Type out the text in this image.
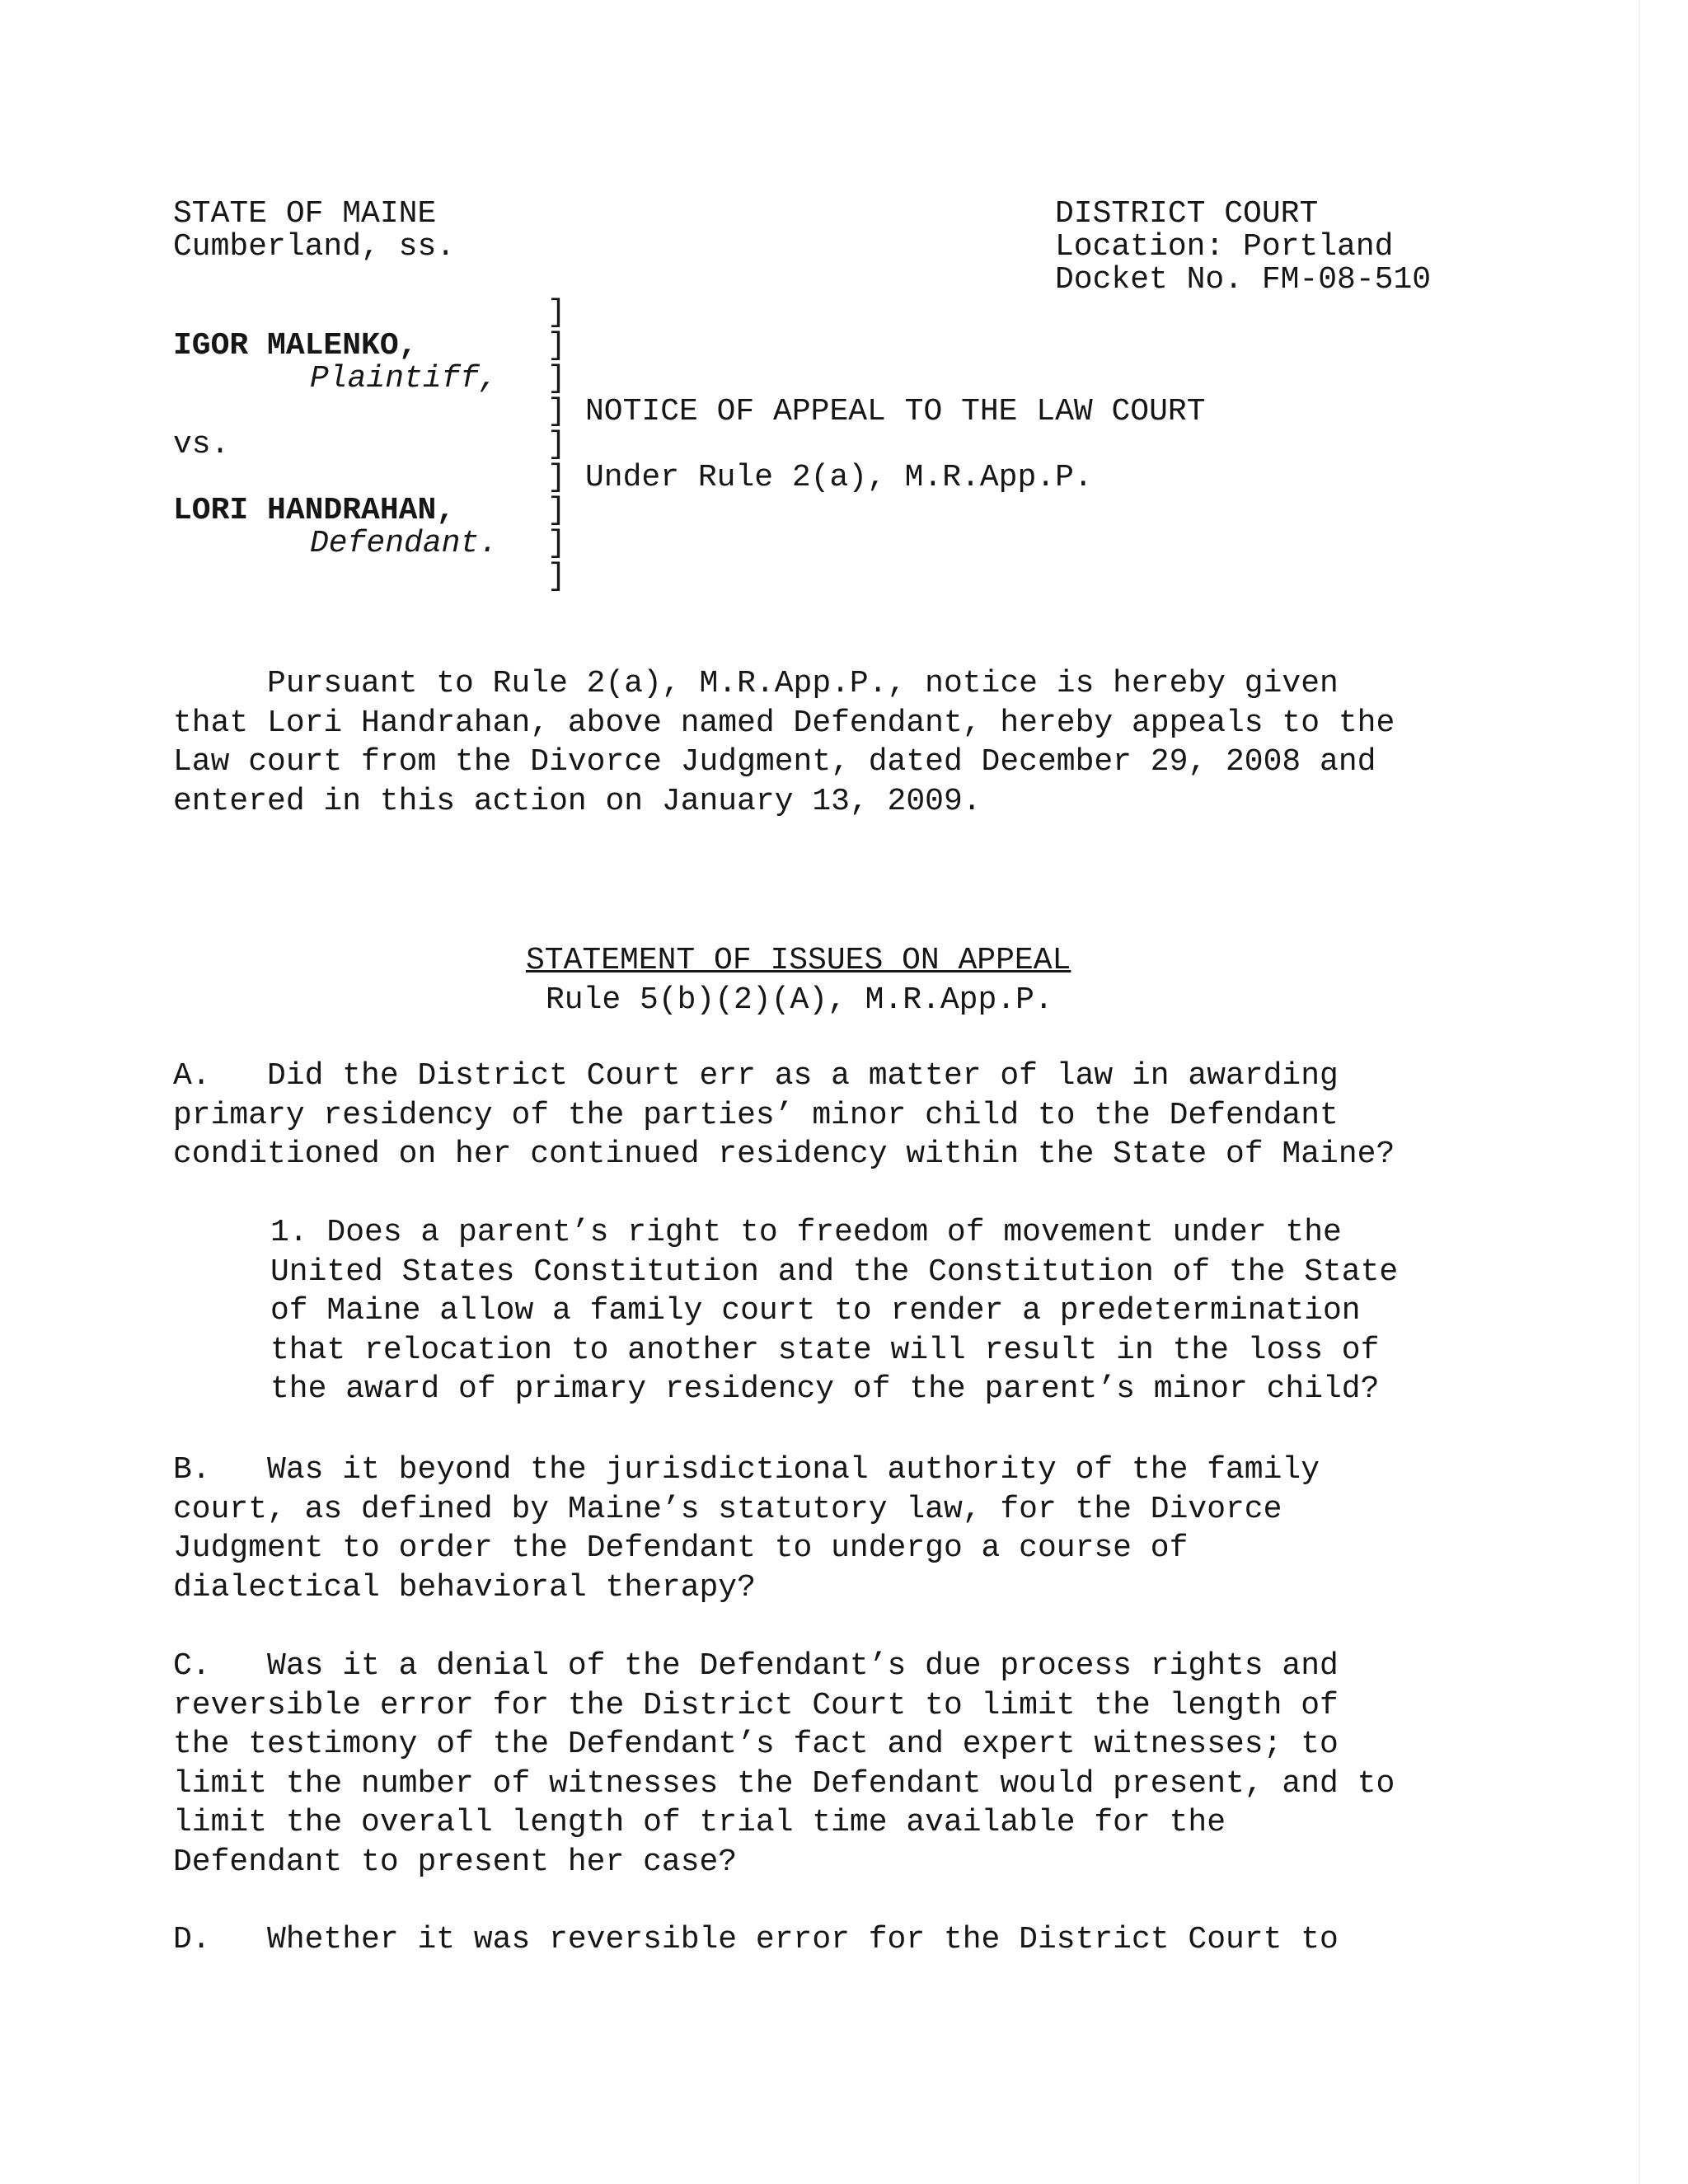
STATE OF MAINE
Cumberland, ss.
DISTRICT COURT
Location: Portland
Docket No. FM-08-510
IGOR MALENKO,
Plaintiff,
vs.
LORI HANDRAHAN,
Defendant.
]
]
]
]
]
]
]
]
]
NOTICE OF APPEAL TO THE LAW COURT
Under Rule 2(a), M.R.App.P.
Pursuant to Rule 2(a), M.R.App.P., notice is hereby given
that Lori Handrahan, above named Defendant, hereby appeals to the
Law court from the Divorce Judgment, dated December 29, 2008 and
entered in this action on January 13, 2009.
STATEMENT OF ISSUES ON APPEAL
Rule 5(b)(2)(A), M.R.App.P.
A.   Did the District Court err as a matter of law in awarding
primary residency of the parties’ minor child to the Defendant
conditioned on her continued residency within the State of Maine?
1. Does a parent’s right to freedom of movement under the
United States Constitution and the Constitution of the State
of Maine allow a family court to render a predetermination
that relocation to another state will result in the loss of
the award of primary residency of the parent’s minor child?
B.   Was it beyond the jurisdictional authority of the family
court, as defined by Maine’s statutory law, for the Divorce
Judgment to order the Defendant to undergo a course of
dialectical behavioral therapy?
C.   Was it a denial of the Defendant’s due process rights and
reversible error for the District Court to limit the length of
the testimony of the Defendant’s fact and expert witnesses; to
limit the number of witnesses the Defendant would present, and to
limit the overall length of trial time available for the
Defendant to present her case?
D.   Whether it was reversible error for the District Court to
